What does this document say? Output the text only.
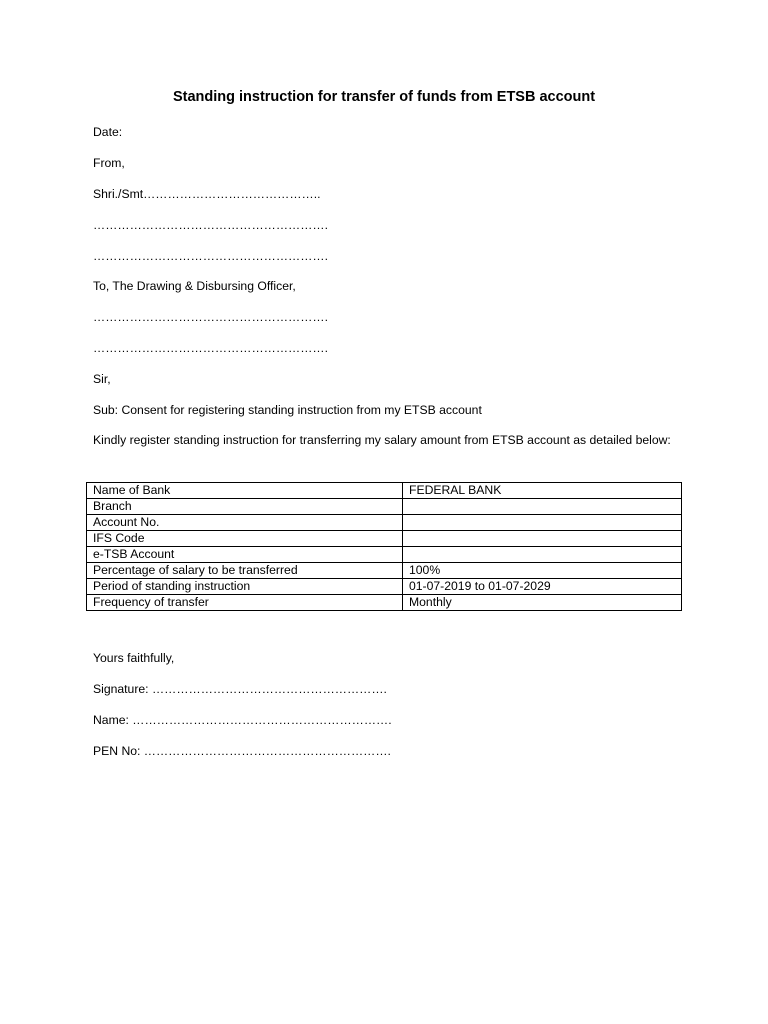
Standing instruction for transfer of funds from ETSB account
Date:
From,
Shri./Smt……………………………………..
………………………………………………….
………………………………………………….
To, The Drawing & Disbursing Officer,
………………………………………………….
………………………………………………….
Sir,
Sub: Consent for registering standing instruction from my ETSB account
Kindly register standing instruction for transferring my salary amount from ETSB account as detailed below:
Name of Bank	FEDERAL BANK
Branch	
Account No.	
IFS Code	
e-TSB Account	
Percentage of salary to be transferred	100%
Period of standing instruction	01-07-2019 to 01-07-2029
Frequency of transfer	Monthly
Yours faithfully,
Signature: ………………………………………………….
Name: ……………………………………………………….
PEN No: …………………………………………………….
